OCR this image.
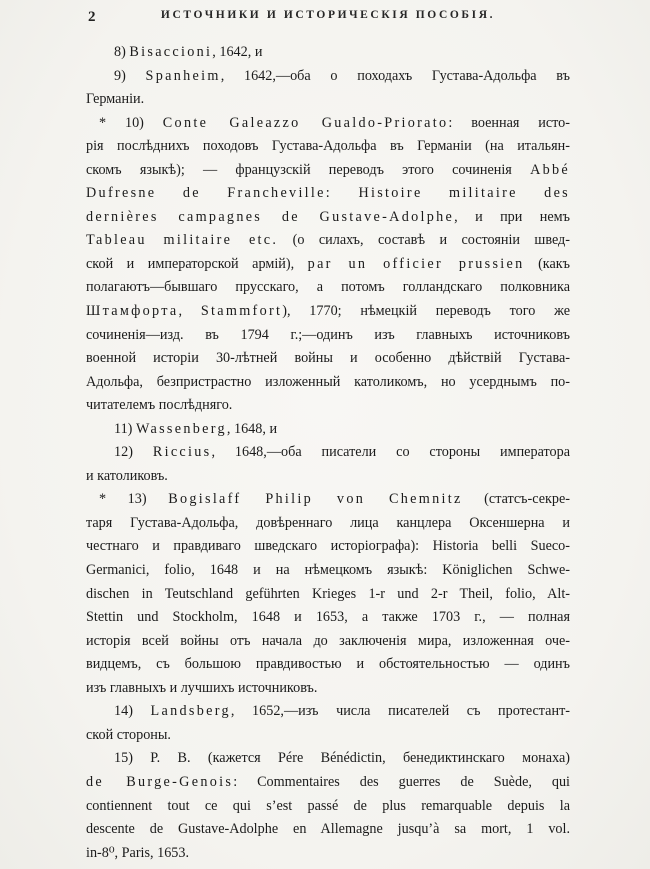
2	ИСТОЧНИКИ И ИСТОРИЧЕСКІЯ ПОСОБІЯ.
8) Bisaccioni, 1642, и
9) Spanheim, 1642,—оба о походахъ Густава-Адольфа въ
Германіи.
* 10) Conte Galeazzo Gualdo-Priorato: военная исто-
рія послѣднихъ походовъ Густава-Адольфа въ Германіи (на итальян-
скомъ языкѣ); — французскій переводъ этого сочиненія Abbé
Dufresne de Francheville: Histoire militaire des
dernières campagnes de Gustave-Adolphe, и при немъ
Tableau militaire etc. (о силахъ, составѣ и состояніи швед-
ской и императорской армій), par un officier prussien (какъ
полагаютъ—бывшаго прусскаго, а потомъ голландскаго полковника
Штамфорта, Stammfort), 1770; нѣмецкій переводъ того же
сочиненія—изд. въ 1794 г.;—одинъ изъ главныхъ источниковъ
военной исторіи 30-лѣтней войны и особенно дѣйствій Густава-
Адольфа, безпристрастно изложенный католикомъ, но усерднымъ по-
читателемъ послѣдняго.
11) Wassenberg, 1648, и
12) Riccius, 1648,—оба писатели со стороны императора
и католиковъ.
* 13) Bogislaff Philip von Chemnitz (статсъ-секре-
таря Густава-Адольфа, довѣреннаго лица канцлера Оксеншерна и
честнаго и правдиваго шведскаго исторіографа): Historia belli Sueco-
Germanici, folio, 1648 и на нѣмецкомъ языкѣ: Königlichen Schwe-
dischen in Teutschland geführten Krieges 1-r und 2-r Theil, folio, Alt-
Stettin und Stockholm, 1648 и 1653, а также 1703 г., — полная
исторія всей войны отъ начала до заключенія мира, изложенная оче-
видцемъ, съ большою правдивостью и обстоятельностью — одинъ
изъ главныхъ и лучшихъ источниковъ.
14) Landsberg, 1652,—изъ числа писателей съ протестант-
ской стороны.
15) P. B. (кажется Pére Bénédictin, бенедиктинскаго монаха)
de Burge-Genois: Commentaires des guerres de Suède, qui
contiennent tout ce qui s’est passé de plus remarquable depuis la
descente de Gustave-Adolphe en Allemagne jusqu’à sa mort, 1 vol.
in-8⁰, Paris, 1653.
